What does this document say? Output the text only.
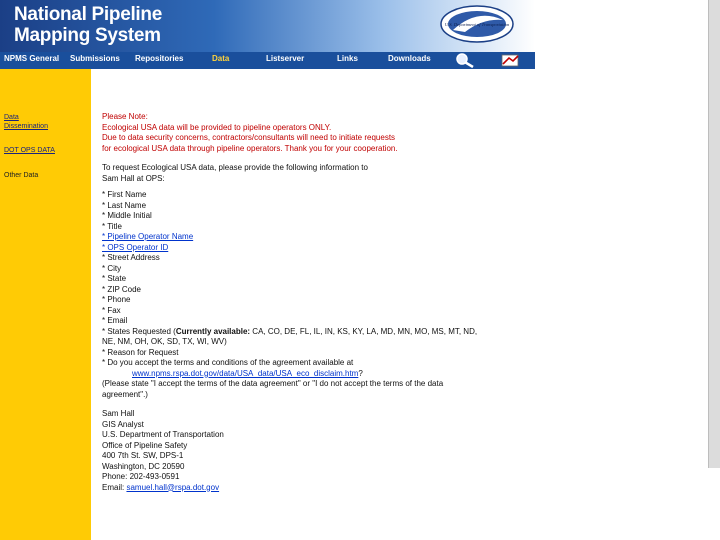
National Pipeline
Mapping System
U.S. Department of Transportation
NPMS General Submissions Repositories	Data	Listserver	Links	Downloads
Data
Dissemination
DOT OPS DATA
Other Data

Please Note:

Ecological USA data will be provided to pipeline operators ONLY.

Due to data security concerns, contractors/consultants will need to initiate requests

for ecological USA data through pipeline operators. Thank you for your cooperation.

To request Ecological USA data, please provide the following information to

Sam Hall at OPS:

* First Name

* Last Name

* Middle Initial

* Title

* Pipeline Operator Name

* OPS Operator ID

* Street Address

* City

* State

* ZIP Code

* Phone

* Fax

* Email

* States Requested (Currently available: CA, CO, DE, FL, IL, IN, KS, KY, LA, MD, MN, MO, MS, MT, ND,

NE, NM, OH, OK, SD, TX, WI, WV)

* Reason for Request

* Do you accept the terms and conditions of the agreement available at

www.npms.rspa.dot.gov/data/USA_data/USA_eco_disclaim.htm?

(Please state "I accept the terms of the data agreement" or "I do not accept the terms of the data

agreement".)

Sam Hall

GIS Analyst

U.S. Department of Transportation

Office of Pipeline Safety

400 7th St. SW, DPS-1

Washington, DC 20590

Phone: 202-493-0591

Email: samuel.hall@rspa.dot.gov
